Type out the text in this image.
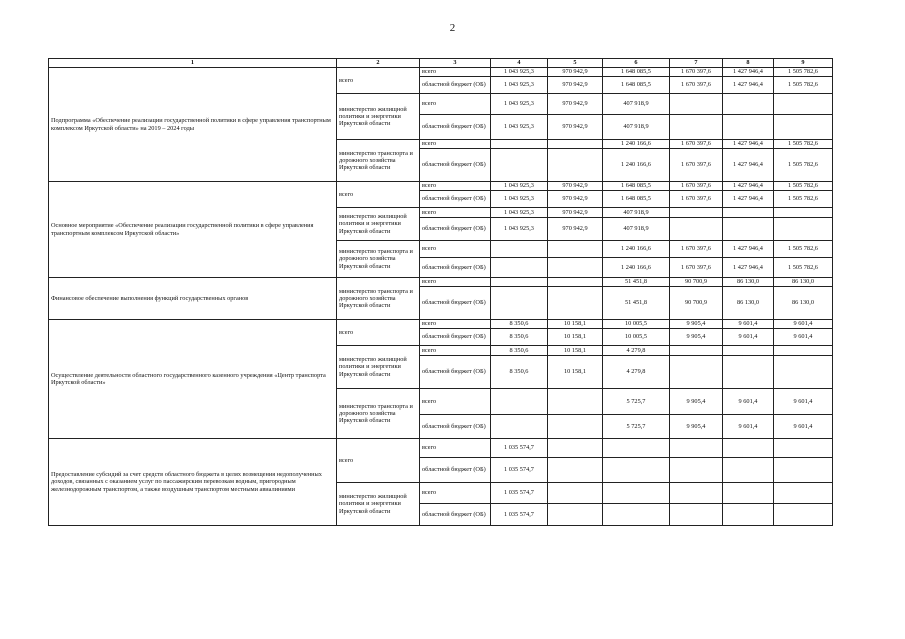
2
1	2	3	4	5	6	7	8	9
Подпрограмма «Обеспечение реализации государственной политики в сфере управления транспортным комплексом Иркутской области» на 2019 – 2024 годы	всего	всего	1 043 925,3	970 942,9	1 648 085,5	1 670 397,6	1 427 946,4	1 505 782,6
		областной бюджет (ОБ)	1 043 925,3	970 942,9	1 648 085,5	1 670 397,6	1 427 946,4	1 505 782,6
	министерство жилищной политики и энергетики Иркутской области	всего	1 043 925,3	970 942,9	407 918,9			
		областной бюджет (ОБ)	1 043 925,3	970 942,9	407 918,9			
	министерство транспорта и дорожного хозяйства Иркутской области	всего			1 240 166,6	1 670 397,6	1 427 946,4	1 505 782,6
		областной бюджет (ОБ)			1 240 166,6	1 670 397,6	1 427 946,4	1 505 782,6
Основное мероприятие «Обеспечение реализации государственной политики в сфере управления транспортным комплексом Иркутской области»	всего	всего	1 043 925,3	970 942,9	1 648 085,5	1 670 397,6	1 427 946,4	1 505 782,6
		областной бюджет (ОБ)	1 043 925,3	970 942,9	1 648 085,5	1 670 397,6	1 427 946,4	1 505 782,6
	министерство жилищной политики и энергетики Иркутской области	всего	1 043 925,3	970 942,9	407 918,9			
		областной бюджет (ОБ)	1 043 925,3	970 942,9	407 918,9			
	министерство транспорта и дорожного хозяйства Иркутской области	всего			1 240 166,6	1 670 397,6	1 427 946,4	1 505 782,6
		областной бюджет (ОБ)			1 240 166,6	1 670 397,6	1 427 946,4	1 505 782,6
Финансовое обеспечение выполнения функций государственных органов	министерство транспорта и дорожного хозяйства Иркутской области	всего			51 451,8	90 700,9	86 130,0	86 130,0
		областной бюджет (ОБ)			51 451,8	90 700,9	86 130,0	86 130,0
Осуществление деятельности областного государственного казенного учреждения «Центр транспорта Иркутской области»	всего	всего	8 350,6	10 158,1	10 005,5	9 905,4	9 601,4	9 601,4
		областной бюджет (ОБ)	8 350,6	10 158,1	10 005,5	9 905,4	9 601,4	9 601,4
	министерство жилищной политики и энергетики Иркутской области	всего	8 350,6	10 158,1	4 279,8			
		областной бюджет (ОБ)	8 350,6	10 158,1	4 279,8			
	министерство транспорта и дорожного хозяйства Иркутской области	всего			5 725,7	9 905,4	9 601,4	9 601,4
		областной бюджет (ОБ)			5 725,7	9 905,4	9 601,4	9 601,4
Предоставление субсидий за счет средств областного бюджета в целях возмещения недополученных доходов, связанных с оказанием услуг по пассажирским перевозкам водным, пригородным железнодорожным транспортом, а также воздушным транспортом местными авиалиниями	всего	всего	1 035 574,7					
		областной бюджет (ОБ)	1 035 574,7					
	министерство жилищной политики и энергетики Иркутской области	всего	1 035 574,7					
		областной бюджет (ОБ)	1 035 574,7					
